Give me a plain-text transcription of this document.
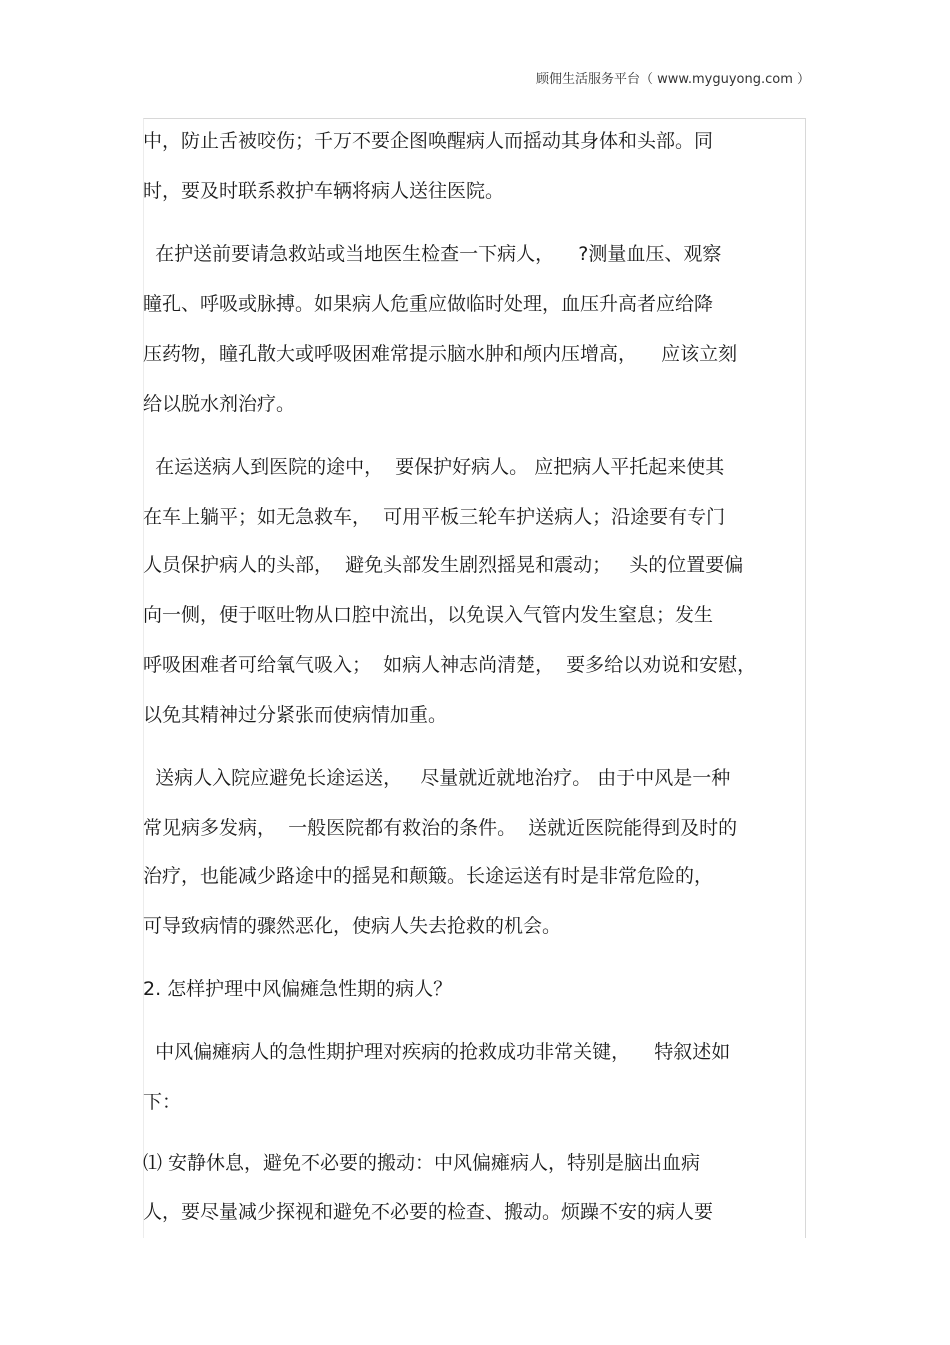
顾佣生活服务平台（ www.myguyong.com ）
中，防止舌被咬伤；千万不要企图唤醒病人而摇动其身体和头部。同
时，要及时联系救护车辆将病人送往医院。
在护送前要请急救站或当地医生检查一下病人，    ?测量血压、观察
瞳孔、呼吸或脉搏。如果病人危重应做临时处理，血压升高者应给降
压药物，瞳孔散大或呼吸困难常提示脑水肿和颅内压增高，    应该立刻
给以脱水剂治疗。
在运送病人到医院的途中，  要保护好病人。 应把病人平托起来使其
在车上躺平；如无急救车，  可用平板三轮车护送病人；沿途要有专门
人员保护病人的头部，  避免头部发生剧烈摇晃和震动；   头的位置要偏
向一侧，便于呕吐物从口腔中流出，以免误入气管内发生窒息；发生
呼吸困难者可给氧气吸入；  如病人神志尚清楚，  要多给以劝说和安慰，
以免其精神过分紧张而使病情加重。
送病人入院应避免长途运送，   尽量就近就地治疗。 由于中风是一种
常见病多发病，  一般医院都有救治的条件。  送就近医院能得到及时的
治疗，也能减少路途中的摇晃和颠簸。长途运送有时是非常危险的，
可导致病情的骤然恶化，使病人失去抢救的机会。
2. 怎样护理中风偏瘫急性期的病人？
中风偏瘫病人的急性期护理对疾病的抢救成功非常关键，    特叙述如
下：
⑴ 安静休息，避免不必要的搬动：中风偏瘫病人，特别是脑出血病
人，要尽量减少探视和避免不必要的检查、搬动。烦躁不安的病人要
